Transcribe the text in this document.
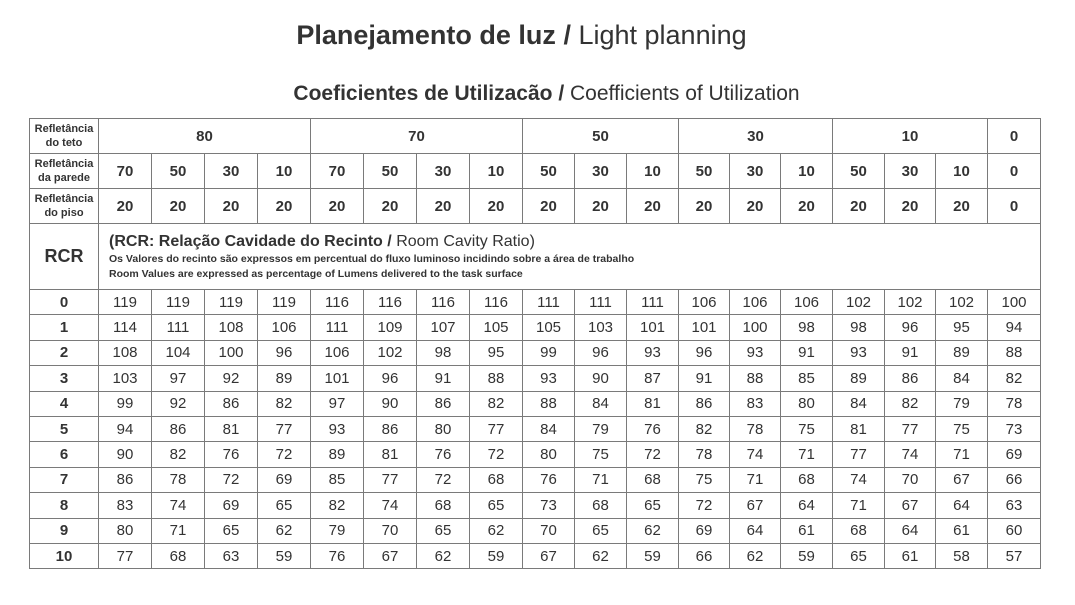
Planejamento de luz / Light planning
Coeficientes de Utilizacão / Coefficients of Utilization
Refletância do teto	80				70				50			30			10			0
Refletância da parede	70	50	30	10	70	50	30	10	50	30	10	50	30	10	50	30	10	0
Refletância do piso	20	20	20	20	20	20	20	20	20	20	20	20	20	20	20	20	20	0
RCR	(RCR: Relação Cavidade do Recinto / Room Cavity Ratio)
Os Valores do recinto são expressos em percentual do fluxo luminoso incidindo sobre a área de trabalho
Room Values are expressed as percentage of Lumens delivered to the task surface																	

0	119	119	119	119	116	116	116	116	111	111	111	106	106	106	102	102	102	100
1	114	111	108	106	111	109	107	105	105	103	101	101	100	98	98	96	95	94
2	108	104	100	96	106	102	98	95	99	96	93	96	93	91	93	91	89	88
3	103	97	92	89	101	96	91	88	93	90	87	91	88	85	89	86	84	82
4	99	92	86	82	97	90	86	82	88	84	81	86	83	80	84	82	79	78
5	94	86	81	77	93	86	80	77	84	79	76	82	78	75	81	77	75	73
6	90	82	76	72	89	81	76	72	80	75	72	78	74	71	77	74	71	69
7	86	78	72	69	85	77	72	68	76	71	68	75	71	68	74	70	67	66
8	83	74	69	65	82	74	68	65	73	68	65	72	67	64	71	67	64	63
9	80	71	65	62	79	70	65	62	70	65	62	69	64	61	68	64	61	60
10	77	68	63	59	76	67	62	59	67	62	59	66	62	59	65	61	58	57
